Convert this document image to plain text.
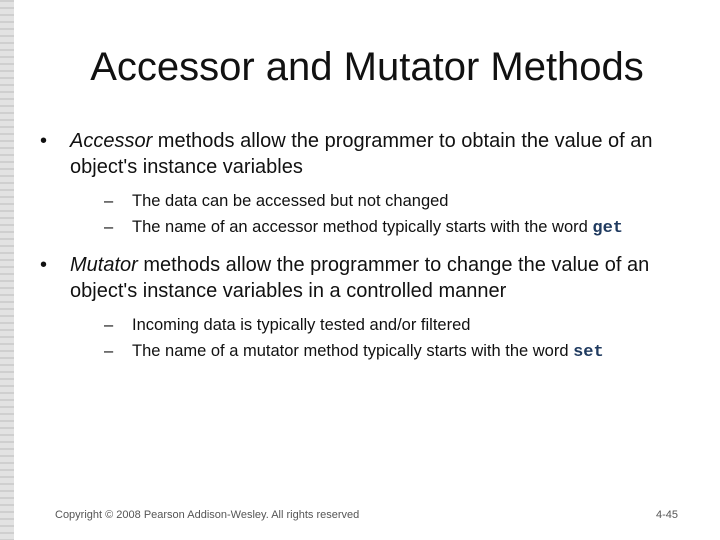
Accessor and Mutator Methods
•	Accessor methods allow the programmer to obtain the value of an object's instance variables
– The data can be accessed but not changed
– The name of an accessor method typically starts with the word get
•	Mutator methods allow the programmer to change the value of an object's instance variables in a controlled manner
– Incoming data is typically tested and/or filtered
– The name of a mutator method typically starts with the word set
Copyright © 2008 Pearson Addison-Wesley. All rights reserved	4-45
